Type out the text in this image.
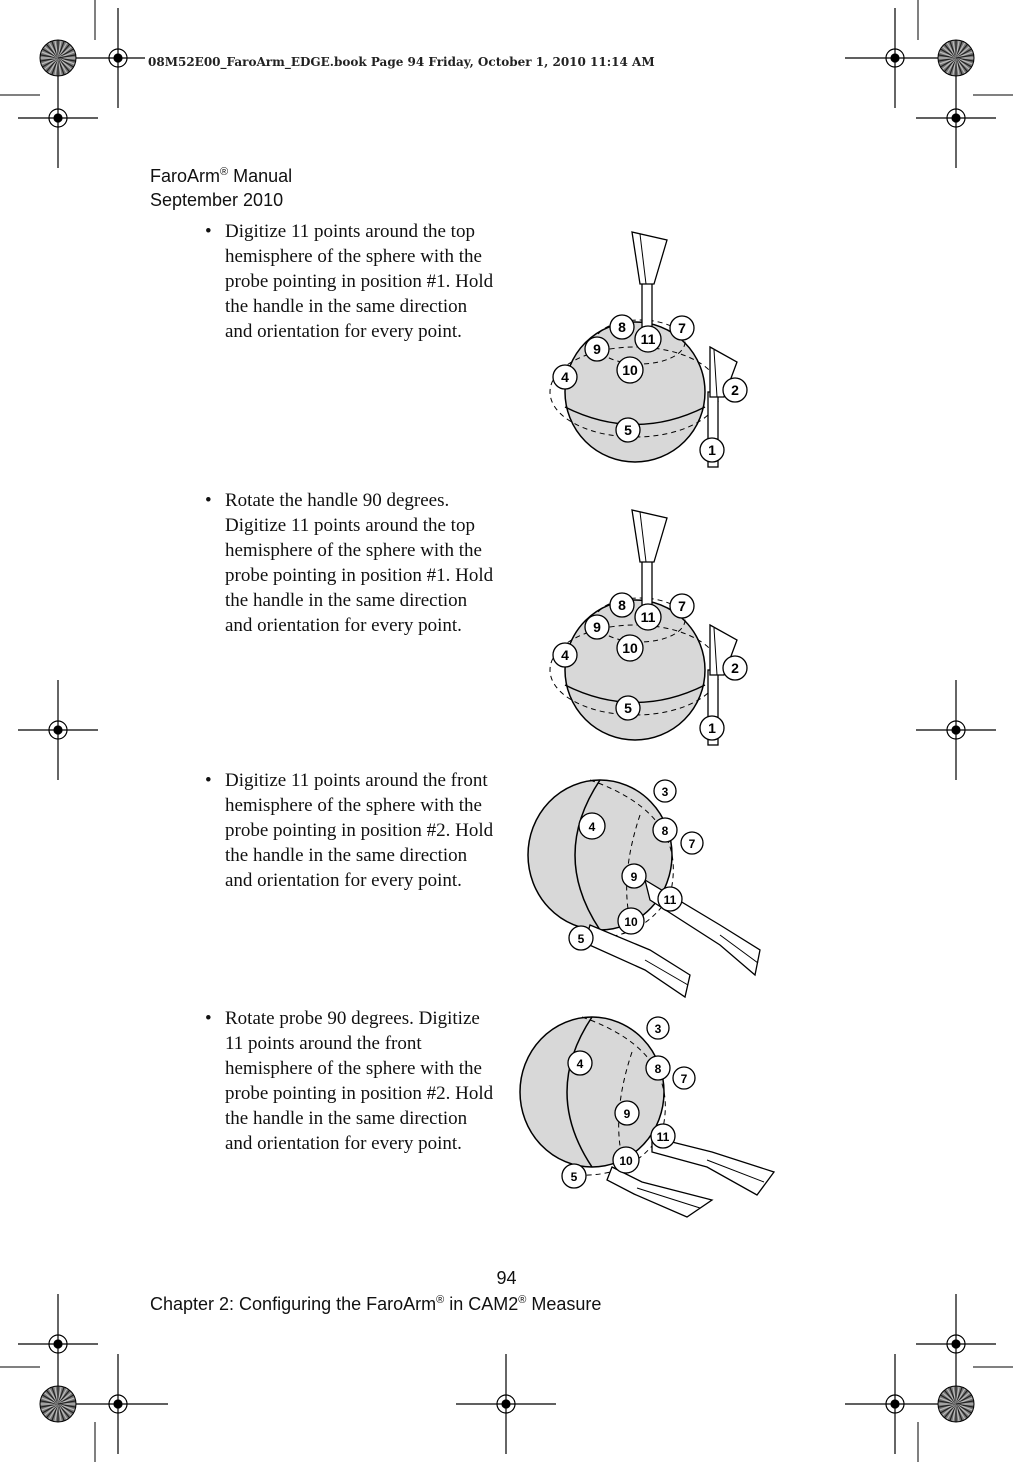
08M52E00_FaroArm_EDGE.book Page 94 Friday, October 1, 2010 11:14 AM
FaroArm® Manual
September 2010
• Digitize 11 points around the top hemisphere of the sphere with the probe pointing in position #1. Hold the handle in the same direction and orientation for every point.
• Rotate the handle 90 degrees. Digitize 11 points around the top hemisphere of the sphere with the probe pointing in position #1. Hold the handle in the same direction and orientation for every point.
• Digitize 11 points around the front hemisphere of the sphere with the probe pointing in position #2. Hold the handle in the same direction and orientation for every point.
• Rotate probe 90 degrees. Digitize 11 points around the front hemisphere of the sphere with the probe pointing in position #2. Hold the handle in the same direction and orientation for every point.
8
11
7
9
10
4
2
5
1
8
11
7
9
10
4
2
5
1
3
4	8
7
9
11
10
5
3
4	8
7
9
11
10
5
94
Chapter 2: Configuring the FaroArm® in CAM2® Measure
